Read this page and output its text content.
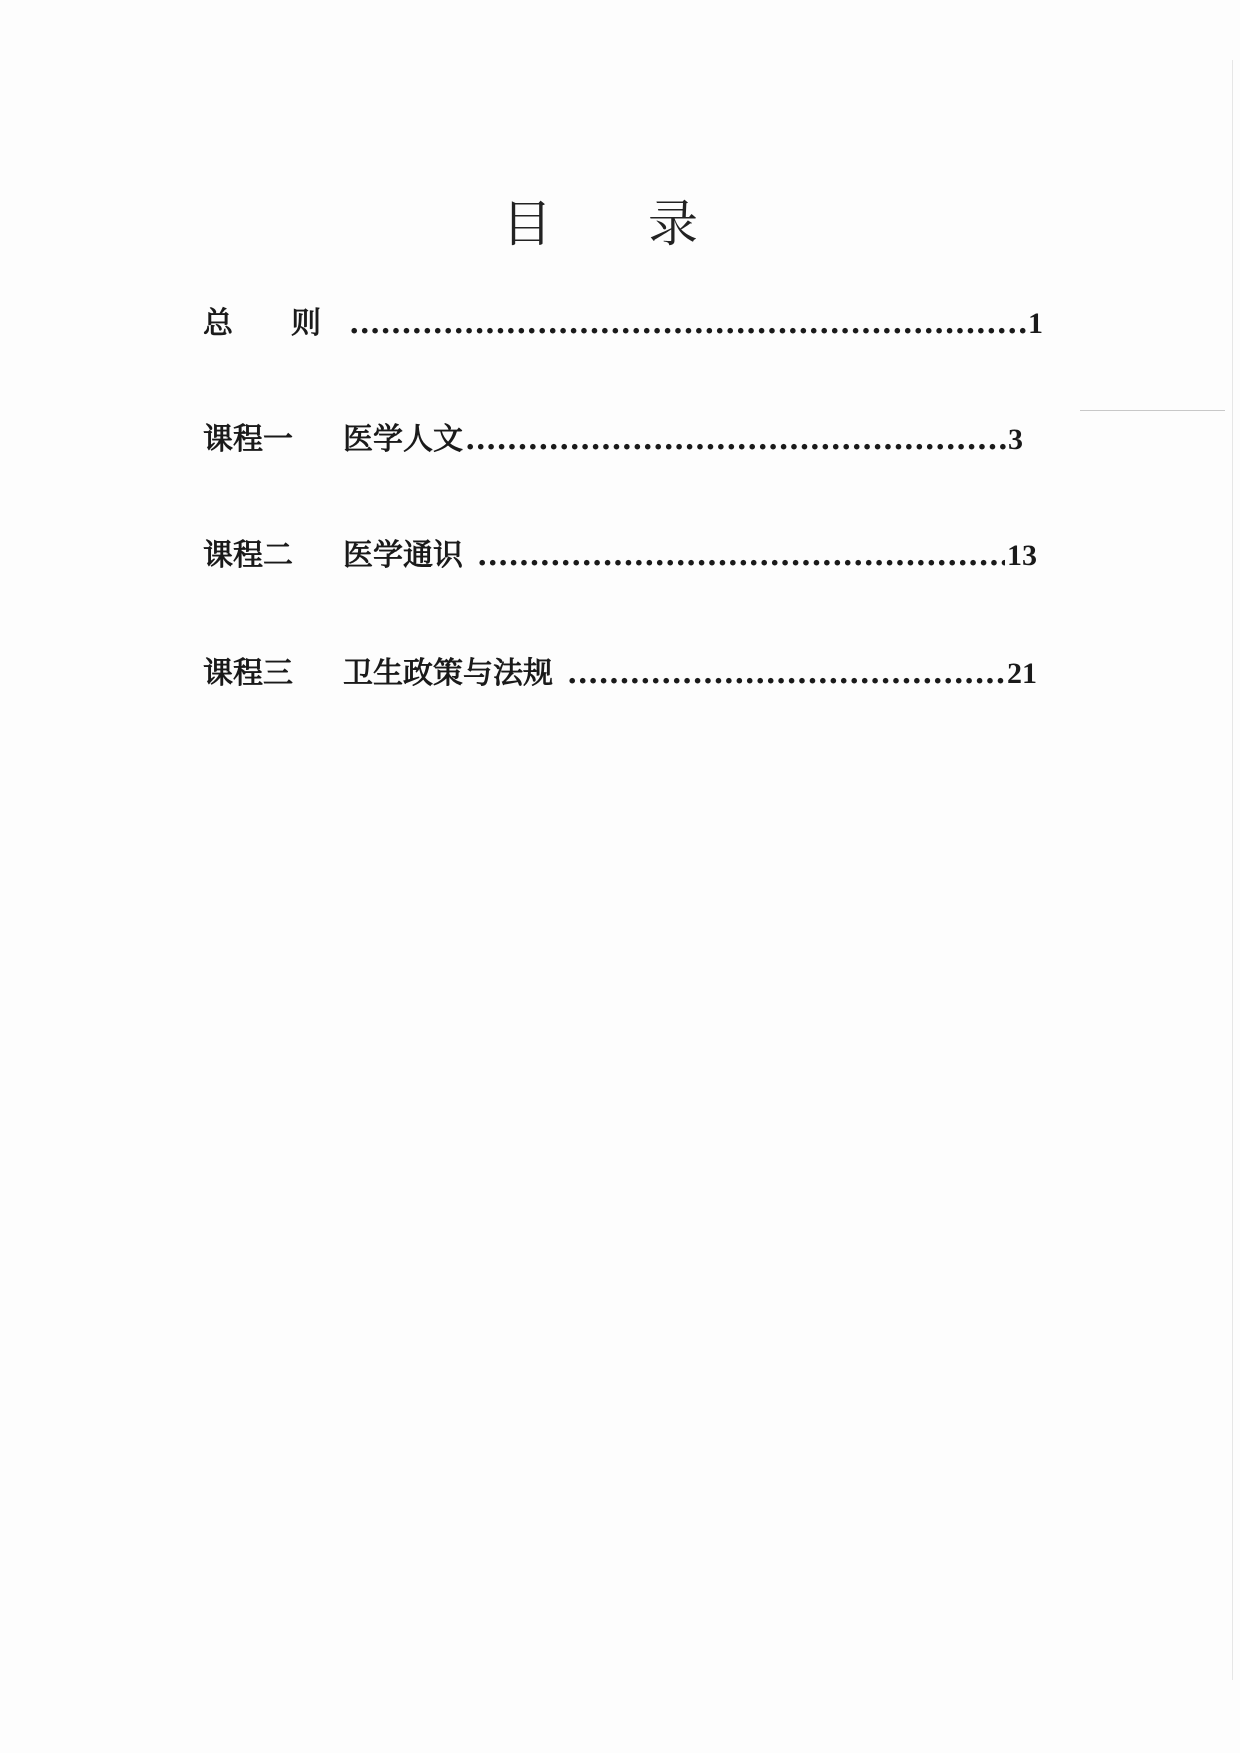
目 录
总　则 .....	1
课程一 医学人文 .....	3
课程二 医学通识 .....	13
课程三 卫生政策与法规 .....	21
